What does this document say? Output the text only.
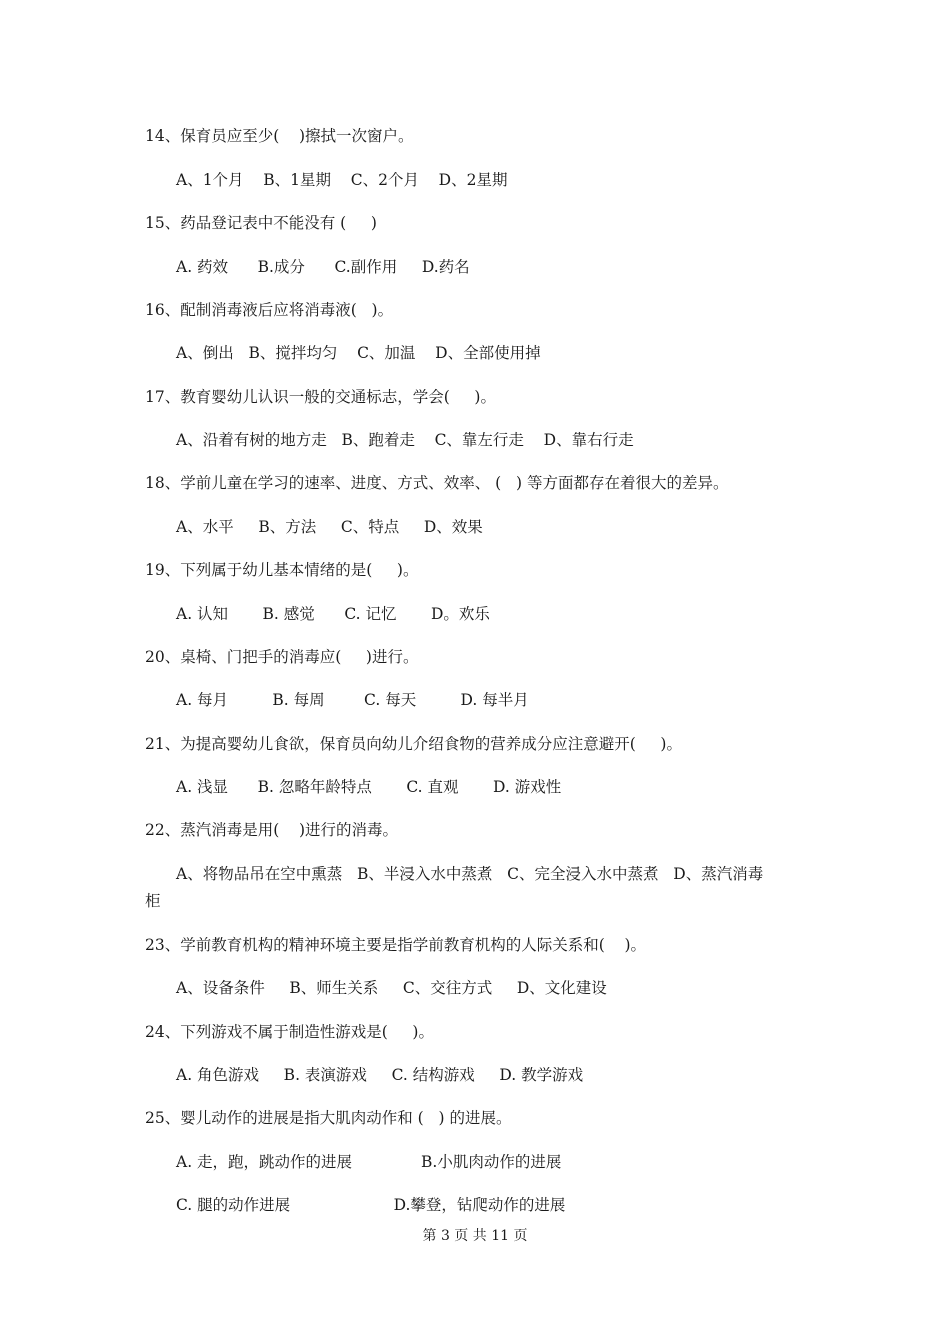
14、保育员应至少(    )擦拭一次窗户。
A、1个月    B、1星期    C、2个月    D、2星期
15、药品登记表中不能没有 (     )
A. 药效      B.成分      C.副作用     D.药名
16、配制消毒液后应将消毒液(   )。
A、倒出   B、搅拌均匀    C、加温    D、全部使用掉
17、教育婴幼儿认识一般的交通标志，学会(     )。
A、沿着有树的地方走   B、跑着走    C、靠左行走    D、靠右行走
18、学前儿童在学习的速率、进度、方式、效率、 (   ) 等方面都存在着很大的差异。
A、水平     B、方法     C、特点     D、效果
19、下列属于幼儿基本情绪的是(     )。
A. 认知       B. 感觉      C. 记忆       D。欢乐
20、桌椅、门把手的消毒应(     )进行。
A. 每月         B. 每周        C. 每天         D. 每半月
21、为提高婴幼儿食欲，保育员向幼儿介绍食物的营养成分应注意避开(     )。
A. 浅显      B. 忽略年龄特点       C. 直观       D. 游戏性
22、蒸汽消毒是用(    )进行的消毒。
A、将物品吊在空中熏蒸   B、半浸入水中蒸煮   C、完全浸入水中蒸煮   D、蒸汽消毒
柜
23、学前教育机构的精神环境主要是指学前教育机构的人际关系和(    )。
A、设备条件     B、师生关系     C、交往方式     D、文化建设
24、下列游戏不属于制造性游戏是(     )。
A. 角色游戏     B. 表演游戏     C. 结构游戏     D. 教学游戏
25、婴儿动作的进展是指大肌肉动作和 (   ) 的进展。
A. 走，跑，跳动作的进展              B.小肌肉动作的进展
C. 腿的动作进展                     D.攀登，钻爬动作的进展
第 3 页 共 11 页
